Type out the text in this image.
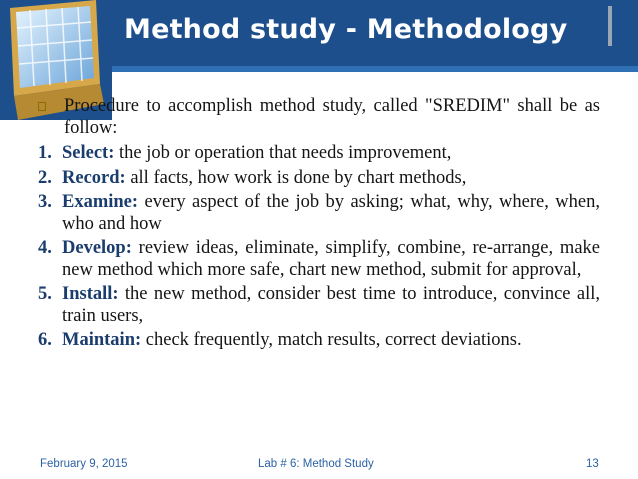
Method study - Methodology
Procedure to accomplish method study, called "SREDIM" shall be as follow:
1. Select: the job or operation that needs improvement,
2. Record: all facts, how work is done by chart methods,
3. Examine: every aspect of the job by asking; what, why, where, when, who and how
4. Develop: review ideas, eliminate, simplify, combine, re-arrange, make new method which more safe, chart new method, submit for approval,
5. Install: the new method, consider best time to introduce, convince all, train users,
6. Maintain: check frequently, match results, correct deviations.
February 9, 2015	Lab # 6: Method Study	13
